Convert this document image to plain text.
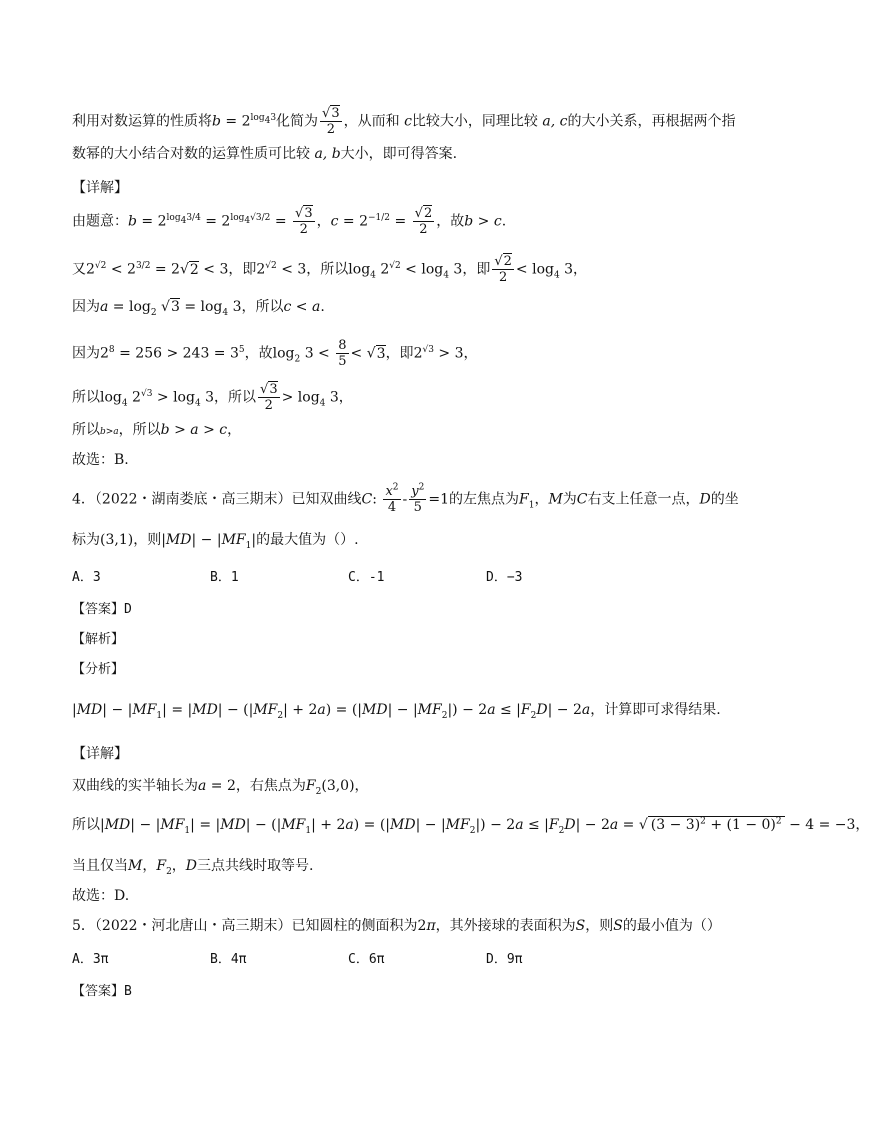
利用对数运算的性质将$b = 2^{log_43}$化简为 $\frac{√3}{2}$ ，从而和 c比较大小，同理比较 a, c的大小关系，再根据两个指
数幂的大小结合对数的运算性质可比较 a, b大小，即可得答案.
【详解】
由题意：$b = 2^{log_43/4} = 2^{log_4√3/2} = \frac{√3}{2}$ ，$c = 2^{-1/2} = \frac{√2}{2}$ ，故b > c.
又$2^{√2} < 2^{3/2} = 2√2 < 3$，即$2^{√2} < 3$，所以$\log_4 2^{√2} < \log_4 3$，即 $\frac{√2}{2} < \log_4 3$，
因为$a = \log_2 √3 = \log_4 3$，所以c < a.
因为$2^8 = 256 > 243 = 3^5$，故$\log_2 3 < \frac{8}{5} < √3$，即$2^{√3} > 3$，
所以$\log_4 2^{√3} > \log_4 3$，所以 $\frac{√3}{2} > \log_4 3$，
所以b>a，所以b > a > c，
故选：B.
4．（2022・湖南娄底・高三期末）已知双曲线C: $\frac{x^2}{4} - \frac{y^2}{5} =1$的左焦点为$F_1$，M为C右支上任意一点，D的坐
标为(3,1)，则$|MD| - |MF_1|$的最大值为（）.
A．3	B．1	C．-1	D．−3
【答案】D
【解析】
【分析】
$|MD| - |MF_1| = |MD| - (|MF_2| + 2a) = (|MD| - |MF_2|) - 2a \le |F_2D| - 2a$，计算即可求得结果.
【详解】
双曲线的实半轴长为a = 2，右焦点为$F_2(3,0)$，
所以$|MD| - |MF_1| = |MD| - (|MF_1| + 2a) = (|MD| - |MF_2|) - 2a \le |F_2D| - 2a$ = √ $(3 - 3)^2 + (1 - 0)^2 - 4 = -3$，
当且仅当M，$F_2$，D三点共线时取等号.
故选：D.
5．（2022・河北唐山・高三期末）已知圆柱的侧面积为2π，其外接球的表面积为S，则S的最小值为（）
A．3π	B．4π	C．6π	D．9π
【答案】B
